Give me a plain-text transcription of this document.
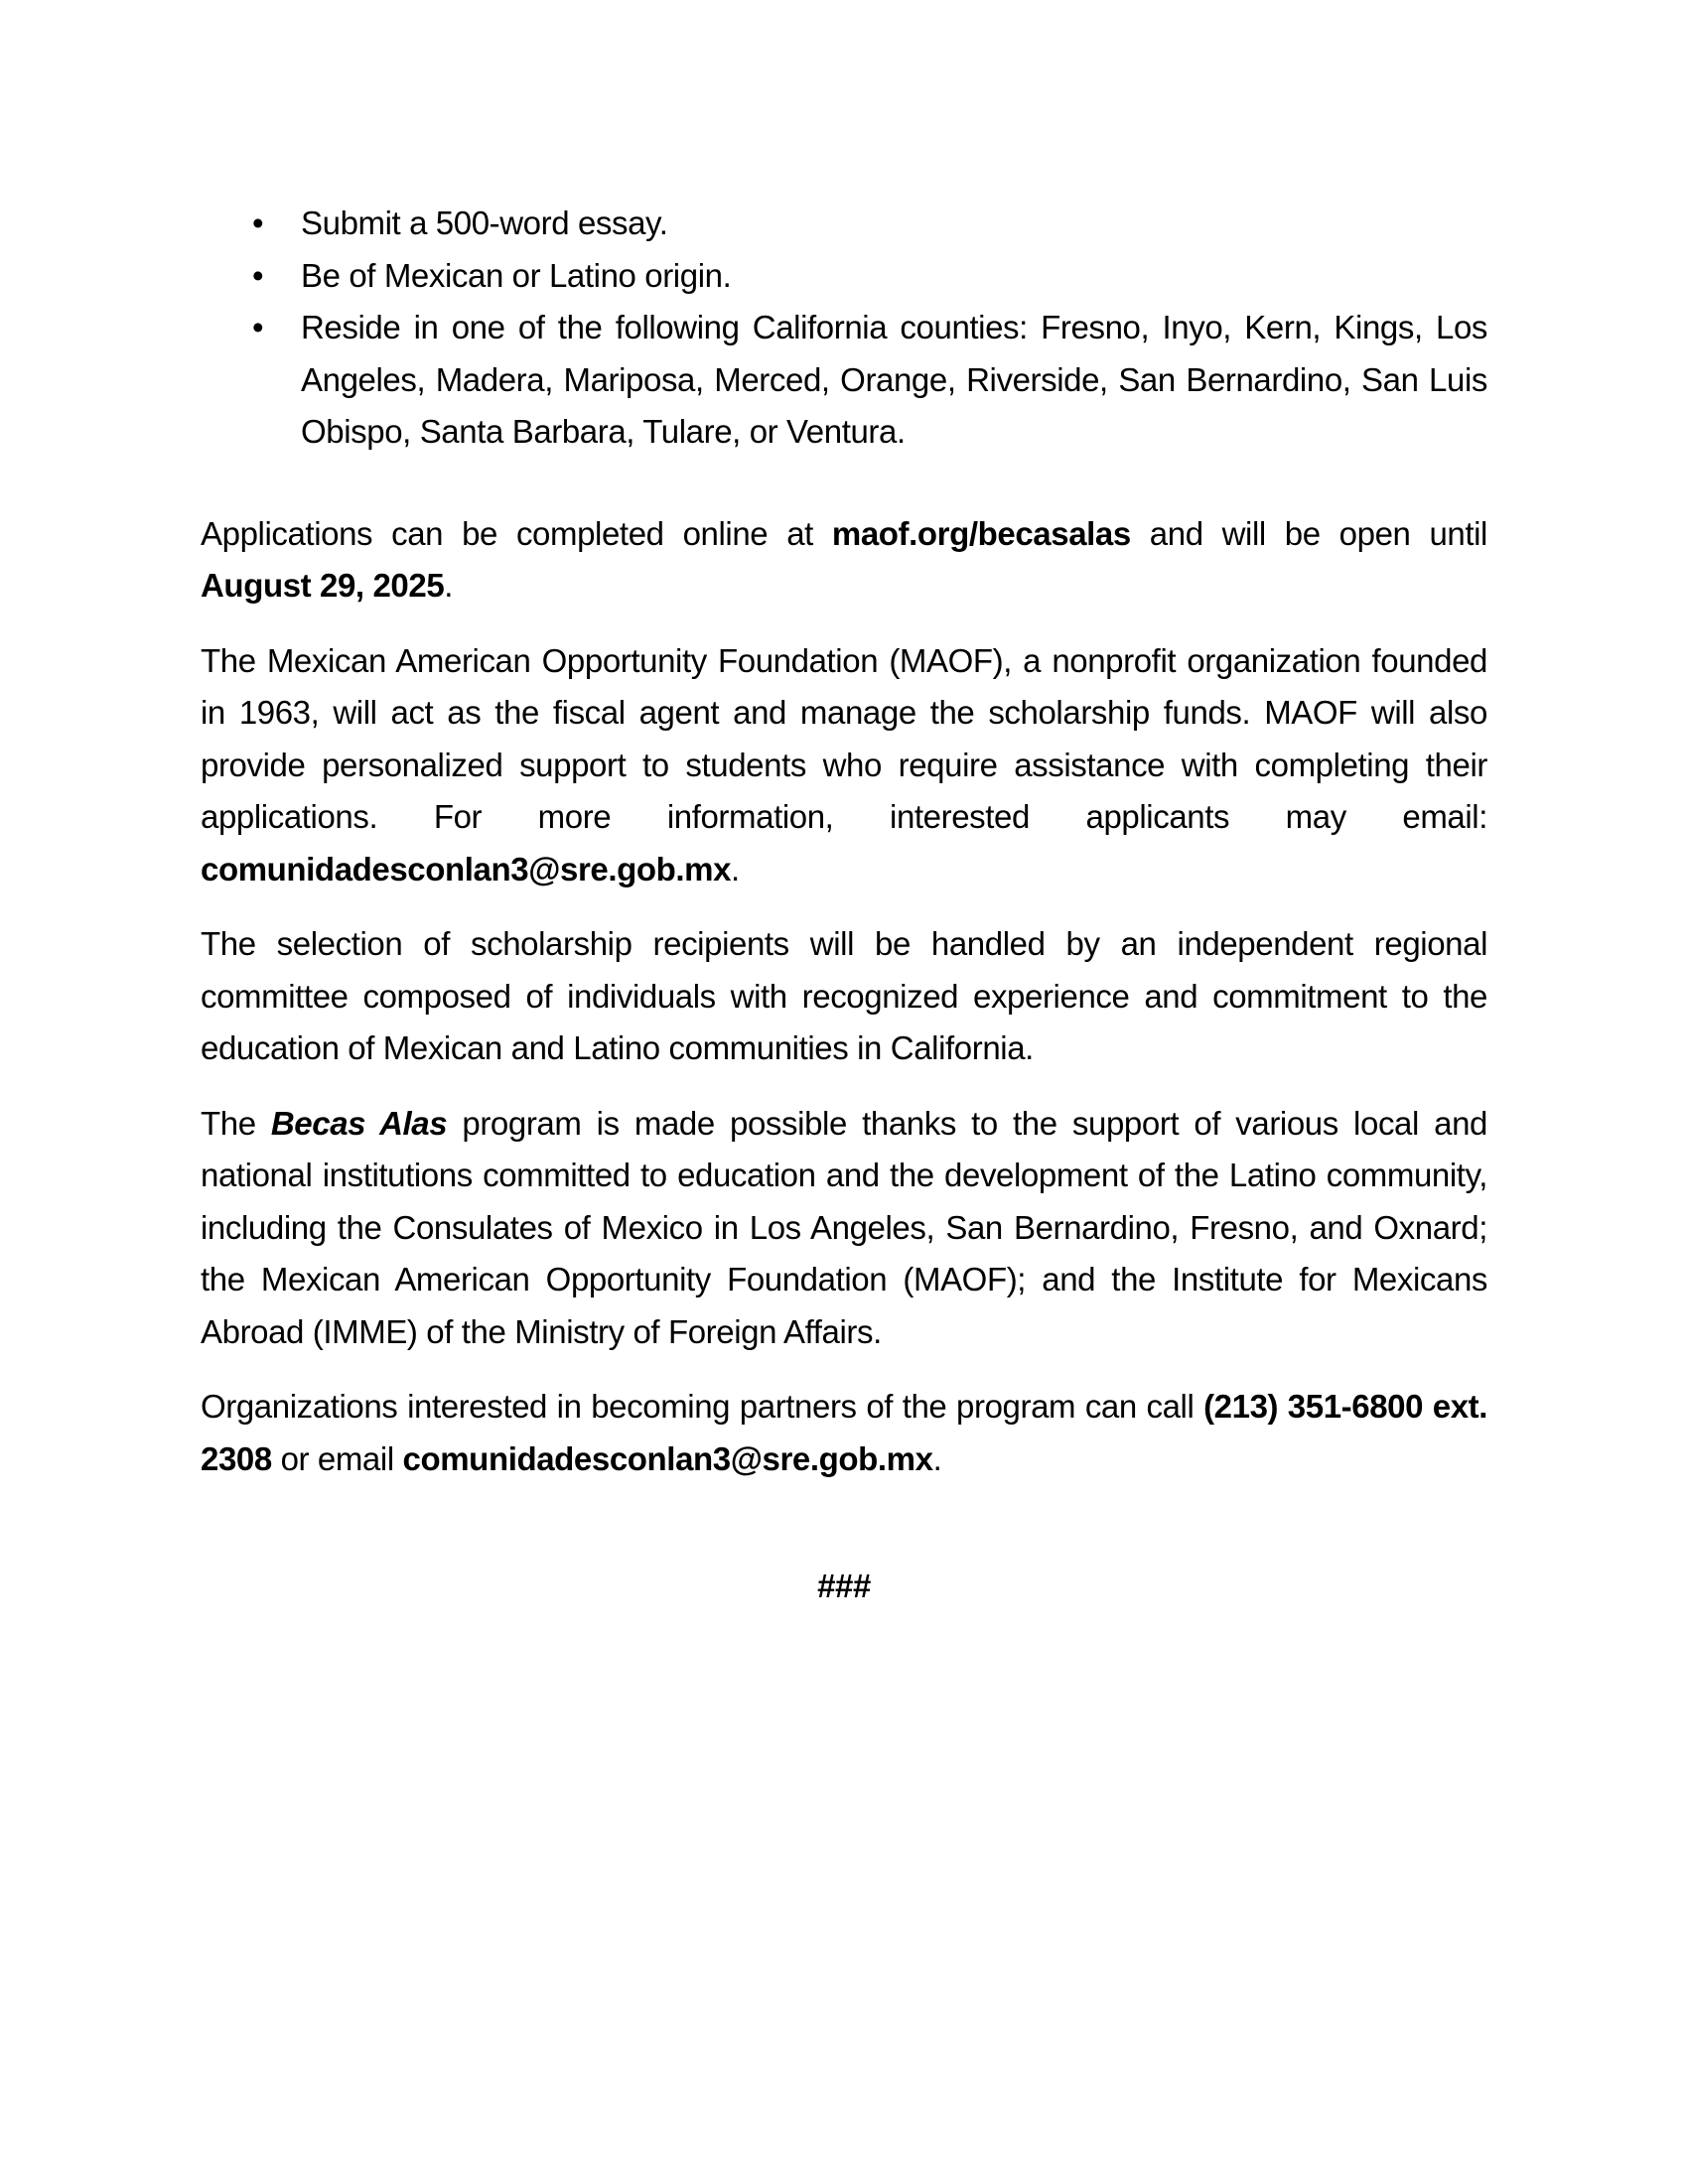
• Submit a 500-word essay.
• Be of Mexican or Latino origin.
• Reside in one of the following California counties: Fresno, Inyo, Kern, Kings, Los Angeles, Madera, Mariposa, Merced, Orange, Riverside, San Bernardino, San Luis Obispo, Santa Barbara, Tulare, or Ventura.

Applications can be completed online at maof.org/becasalas and will be open until August 29, 2025.

The Mexican American Opportunity Foundation (MAOF), a nonprofit organization founded in 1963, will act as the fiscal agent and manage the scholarship funds. MAOF will also provide personalized support to students who require assistance with completing their applications. For more information, interested applicants may email: comunidadesconlan3@sre.gob.mx.

The selection of scholarship recipients will be handled by an independent regional committee composed of individuals with recognized experience and commitment to the education of Mexican and Latino communities in California.

The Becas Alas program is made possible thanks to the support of various local and national institutions committed to education and the development of the Latino community, including the Consulates of Mexico in Los Angeles, San Bernardino, Fresno, and Oxnard; the Mexican American Opportunity Foundation (MAOF); and the Institute for Mexicans Abroad (IMME) of the Ministry of Foreign Affairs.

Organizations interested in becoming partners of the program can call (213) 351-6800 ext. 2308 or email comunidadesconlan3@sre.gob.mx.

###
